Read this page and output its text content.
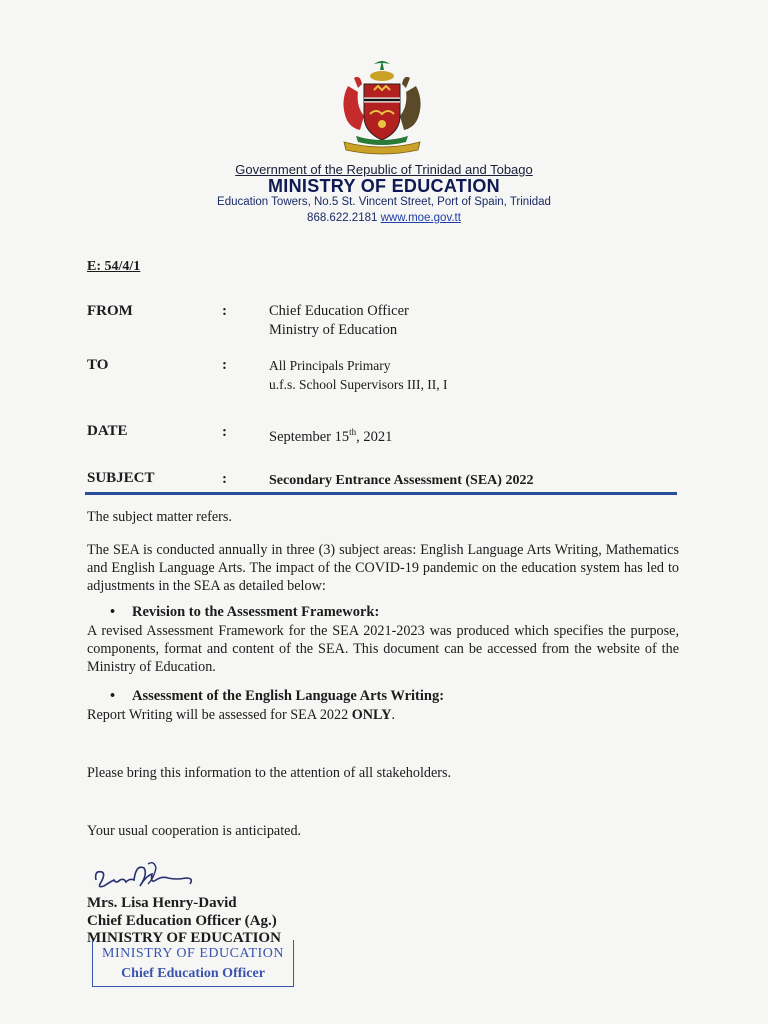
Government of the Republic of Trinidad and Tobago
MINISTRY OF EDUCATION
Education Towers, No.5 St. Vincent Street, Port of Spain, Trinidad
868.622.2181 www.moe.gov.tt
E: 54/4/1
FROM	:	Chief Education Officer
Ministry of Education
TO	:	All Principals Primary
u.f.s. School Supervisors III, II, I
DATE	:	September 15th, 2021
SUBJECT	:	Secondary Entrance Assessment (SEA) 2022
The subject matter refers.
The SEA is conducted annually in three (3) subject areas: English Language Arts Writing, Mathematics and English Language Arts. The impact of the COVID-19 pandemic on the education system has led to adjustments in the SEA as detailed below:
• Revision to the Assessment Framework:
A revised Assessment Framework for the SEA 2021-2023 was produced which specifies the purpose, components, format and content of the SEA. This document can be accessed from the website of the Ministry of Education.
• Assessment of the English Language Arts Writing:
Report Writing will be assessed for SEA 2022 ONLY.
Please bring this information to the attention of all stakeholders.
Your usual cooperation is anticipated.
Mrs. Lisa Henry-David
Chief Education Officer (Ag.)
MINISTRY OF EDUCATION
MINISTRY OF EDUCATION
Chief Education Officer
